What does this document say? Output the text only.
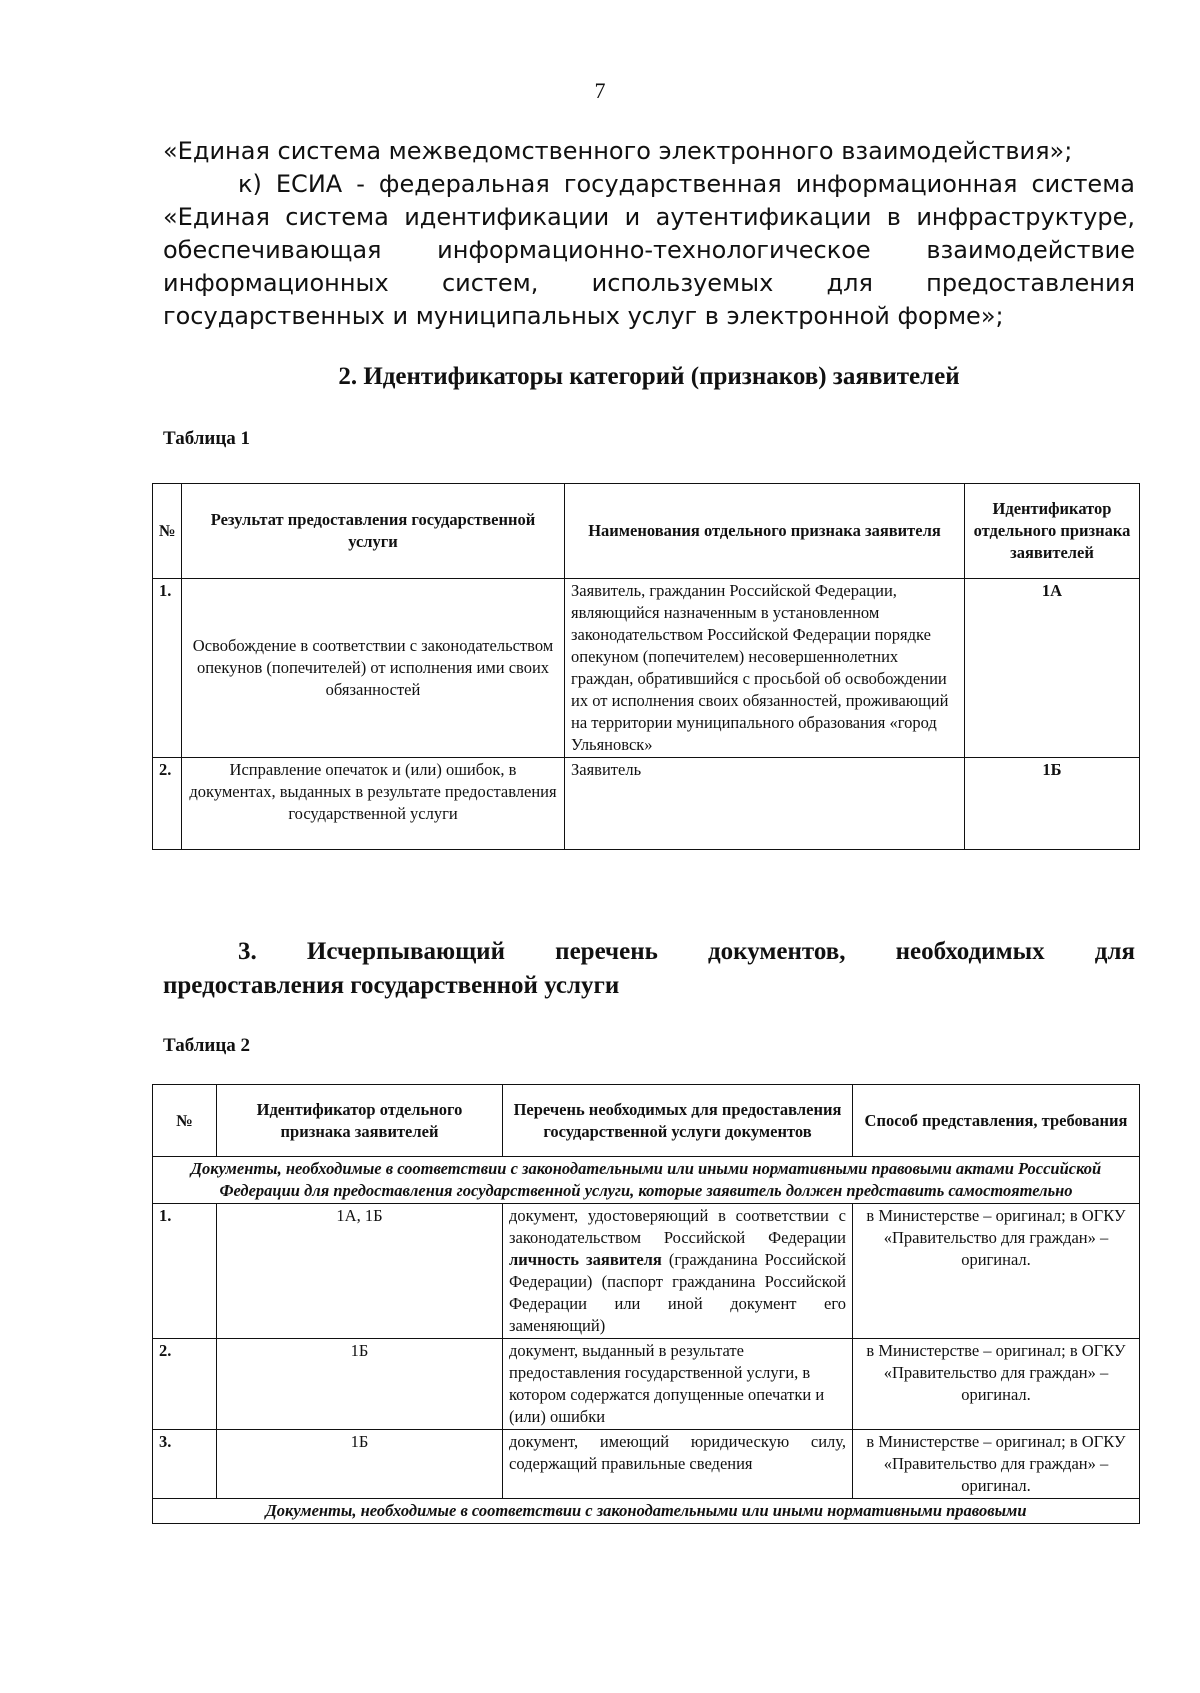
7

«Единая система межведомственного электронного взаимодействия»;

к) ЕСИА - федеральная государственная информационная система «Единая система идентификации и аутентификации в инфраструктуре, обеспечивающая информационно-технологическое взаимодействие информационных систем, используемых для предоставления государственных и муниципальных услуг в электронной форме»;

2. Идентификаторы категорий (признаков) заявителей
Таблица 1
№	Результат предоставления государственной услуги	Наименования отдельного признака заявителя	Идентификатор отдельного признака заявителей
1.	Освобождение в соответствии с законодательством опекунов (попечителей) от исполнения ими своих обязанностей	Заявитель, гражданин Российской Федерации, являющийся назначенным в установленном законодательством Российской Федерации порядке опекуном (попечителем) несовершеннолетних граждан, обратившийся с просьбой об освобождении их от исполнения своих обязанностей, проживающий на территории муниципального образования «город Ульяновск»	1А
2.	Исправление опечаток и (или) ошибок, в документах, выданных в результате предоставления государственной услуги	Заявитель	1Б
3. Исчерпывающий перечень документов, необходимых для
предоставления государственной услуги
Таблица 2
№	Идентификатор отдельного признака заявителей	Перечень необходимых для предоставления государственной услуги документов	Способ представления, требования
Документы, необходимые в соответствии с законодательными или иными нормативными правовыми актами Российской Федерации для предоставления государственной услуги, которые заявитель должен представить самостоятельно			
1.	1А, 1Б	документ, удостоверяющий в соответствии с законодательством Российской Федерации личность заявителя (гражданина Российской Федерации) (паспорт гражданина Российской Федерации или иной документ его заменяющий)	в Министерстве – оригинал; в ОГКУ «Правительство для граждан» – оригинал.
2.	1Б	документ, выданный в результате предоставления государственной услуги, в котором содержатся допущенные опечатки и (или) ошибки	в Министерстве – оригинал; в ОГКУ «Правительство для граждан» – оригинал.
3.	1Б	документ, имеющий юридическую силу, содержащий правильные сведения	в Министерстве – оригинал; в ОГКУ «Правительство для граждан» – оригинал.
Документы, необходимые в соответствии с законодательными или иными нормативными правовыми			
